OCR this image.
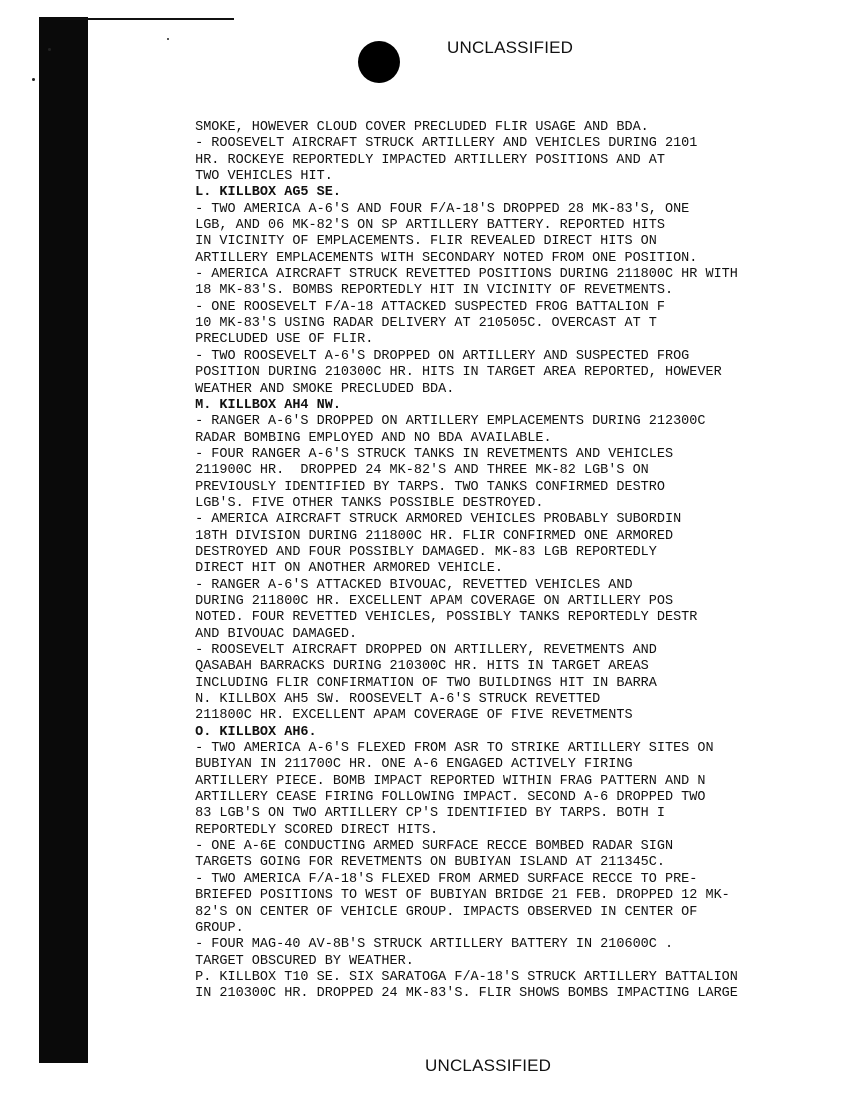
UNCLASSIFIED
SMOKE, HOWEVER CLOUD COVER PRECLUDED FLIR USAGE AND BDA.
- ROOSEVELT AIRCRAFT STRUCK ARTILLERY AND VEHICLES DURING 2101
HR. ROCKEYE REPORTEDLY IMPACTED ARTILLERY POSITIONS AND AT
TWO VEHICLES HIT.
L. KILLBOX AG5 SE.
- TWO AMERICA A-6'S AND FOUR F/A-18'S DROPPED 28 MK-83'S, ONE
LGB, AND 06 MK-82'S ON SP ARTILLERY BATTERY. REPORTED HITS
IN VICINITY OF EMPLACEMENTS. FLIR REVEALED DIRECT HITS ON
ARTILLERY EMPLACEMENTS WITH SECONDARY NOTED FROM ONE POSITION.
- AMERICA AIRCRAFT STRUCK REVETTED POSITIONS DURING 211800C HR WITH
18 MK-83'S. BOMBS REPORTEDLY HIT IN VICINITY OF REVETMENTS.
- ONE ROOSEVELT F/A-18 ATTACKED SUSPECTED FROG BATTALION F
10 MK-83'S USING RADAR DELIVERY AT 210505C. OVERCAST AT T
PRECLUDED USE OF FLIR.
- TWO ROOSEVELT A-6'S DROPPED ON ARTILLERY AND SUSPECTED FROG
POSITION DURING 210300C HR. HITS IN TARGET AREA REPORTED, HOWEVER
WEATHER AND SMOKE PRECLUDED BDA.
M. KILLBOX AH4 NW.
- RANGER A-6'S DROPPED ON ARTILLERY EMPLACEMENTS DURING 212300C
RADAR BOMBING EMPLOYED AND NO BDA AVAILABLE.
- FOUR RANGER A-6'S STRUCK TANKS IN REVETMENTS AND VEHICLES
211900C HR.  DROPPED 24 MK-82'S AND THREE MK-82 LGB'S ON
PREVIOUSLY IDENTIFIED BY TARPS. TWO TANKS CONFIRMED DESTRO
LGB'S. FIVE OTHER TANKS POSSIBLE DESTROYED.
- AMERICA AIRCRAFT STRUCK ARMORED VEHICLES PROBABLY SUBORDIN
18TH DIVISION DURING 211800C HR. FLIR CONFIRMED ONE ARMORED
DESTROYED AND FOUR POSSIBLY DAMAGED. MK-83 LGB REPORTEDLY
DIRECT HIT ON ANOTHER ARMORED VEHICLE.
- RANGER A-6'S ATTACKED BIVOUAC, REVETTED VEHICLES AND
DURING 211800C HR. EXCELLENT APAM COVERAGE ON ARTILLERY POS
NOTED. FOUR REVETTED VEHICLES, POSSIBLY TANKS REPORTEDLY DESTR
AND BIVOUAC DAMAGED.
- ROOSEVELT AIRCRAFT DROPPED ON ARTILLERY, REVETMENTS AND
QASABAH BARRACKS DURING 210300C HR. HITS IN TARGET AREAS
INCLUDING FLIR CONFIRMATION OF TWO BUILDINGS HIT IN BARRA
N. KILLBOX AH5 SW. ROOSEVELT A-6'S STRUCK REVETTED
211800C HR. EXCELLENT APAM COVERAGE OF FIVE REVETMENTS
O. KILLBOX AH6.
- TWO AMERICA A-6'S FLEXED FROM ASR TO STRIKE ARTILLERY SITES ON
BUBIYAN IN 211700C HR. ONE A-6 ENGAGED ACTIVELY FIRING
ARTILLERY PIECE. BOMB IMPACT REPORTED WITHIN FRAG PATTERN AND N
ARTILLERY CEASE FIRING FOLLOWING IMPACT. SECOND A-6 DROPPED TWO
83 LGB'S ON TWO ARTILLERY CP'S IDENTIFIED BY TARPS. BOTH I
REPORTEDLY SCORED DIRECT HITS.
- ONE A-6E CONDUCTING ARMED SURFACE RECCE BOMBED RADAR SIGN
TARGETS GOING FOR REVETMENTS ON BUBIYAN ISLAND AT 211345C.
- TWO AMERICA F/A-18'S FLEXED FROM ARMED SURFACE RECCE TO PRE-
BRIEFED POSITIONS TO WEST OF BUBIYAN BRIDGE 21 FEB. DROPPED 12 MK-
82'S ON CENTER OF VEHICLE GROUP. IMPACTS OBSERVED IN CENTER OF
GROUP.
- FOUR MAG-40 AV-8B'S STRUCK ARTILLERY BATTERY IN 210600C .
TARGET OBSCURED BY WEATHER.
P. KILLBOX T10 SE. SIX SARATOGA F/A-18'S STRUCK ARTILLERY BATTALION
IN 210300C HR. DROPPED 24 MK-83'S. FLIR SHOWS BOMBS IMPACTING LARGE
UNCLASSIFIED
